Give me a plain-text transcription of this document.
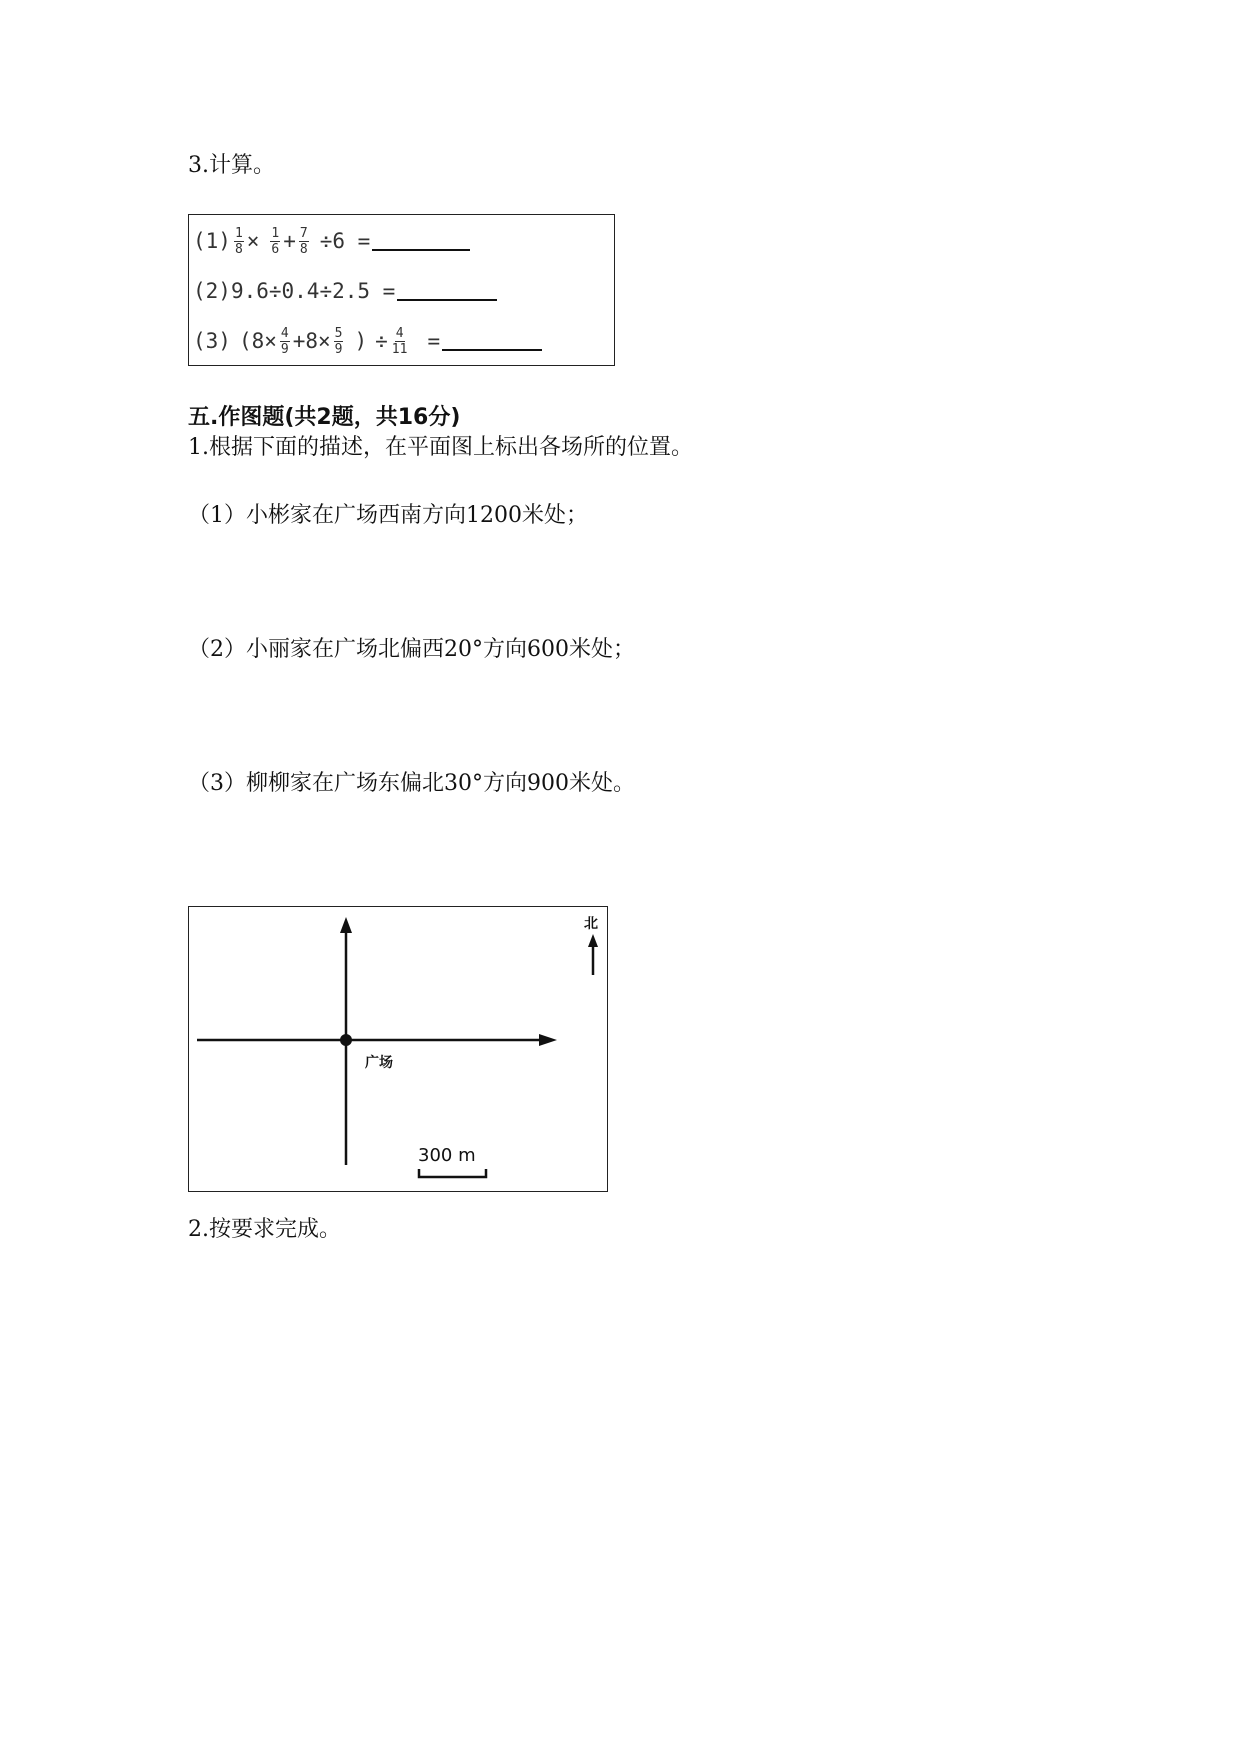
3.计算。
$(1) \frac{1}{8} \times \frac{1}{6} + \frac{7}{8} \div 6$ =
(2) 9.6÷0.4÷2.5 =
(3) ($8\times \frac{4}{9} +8\times \frac{5}{9}$ ) ÷ $\frac{4}{11}$ =
五.作图题(共2题，共16分)
1.根据下面的描述，在平面图上标出各场所的位置。
（1）小彬家在广场西南方向1200米处；
（2）小丽家在广场北偏西20°方向600米处；
（3）柳柳家在广场东偏北30°方向900米处。
北
广场
300 m
2.按要求完成。
